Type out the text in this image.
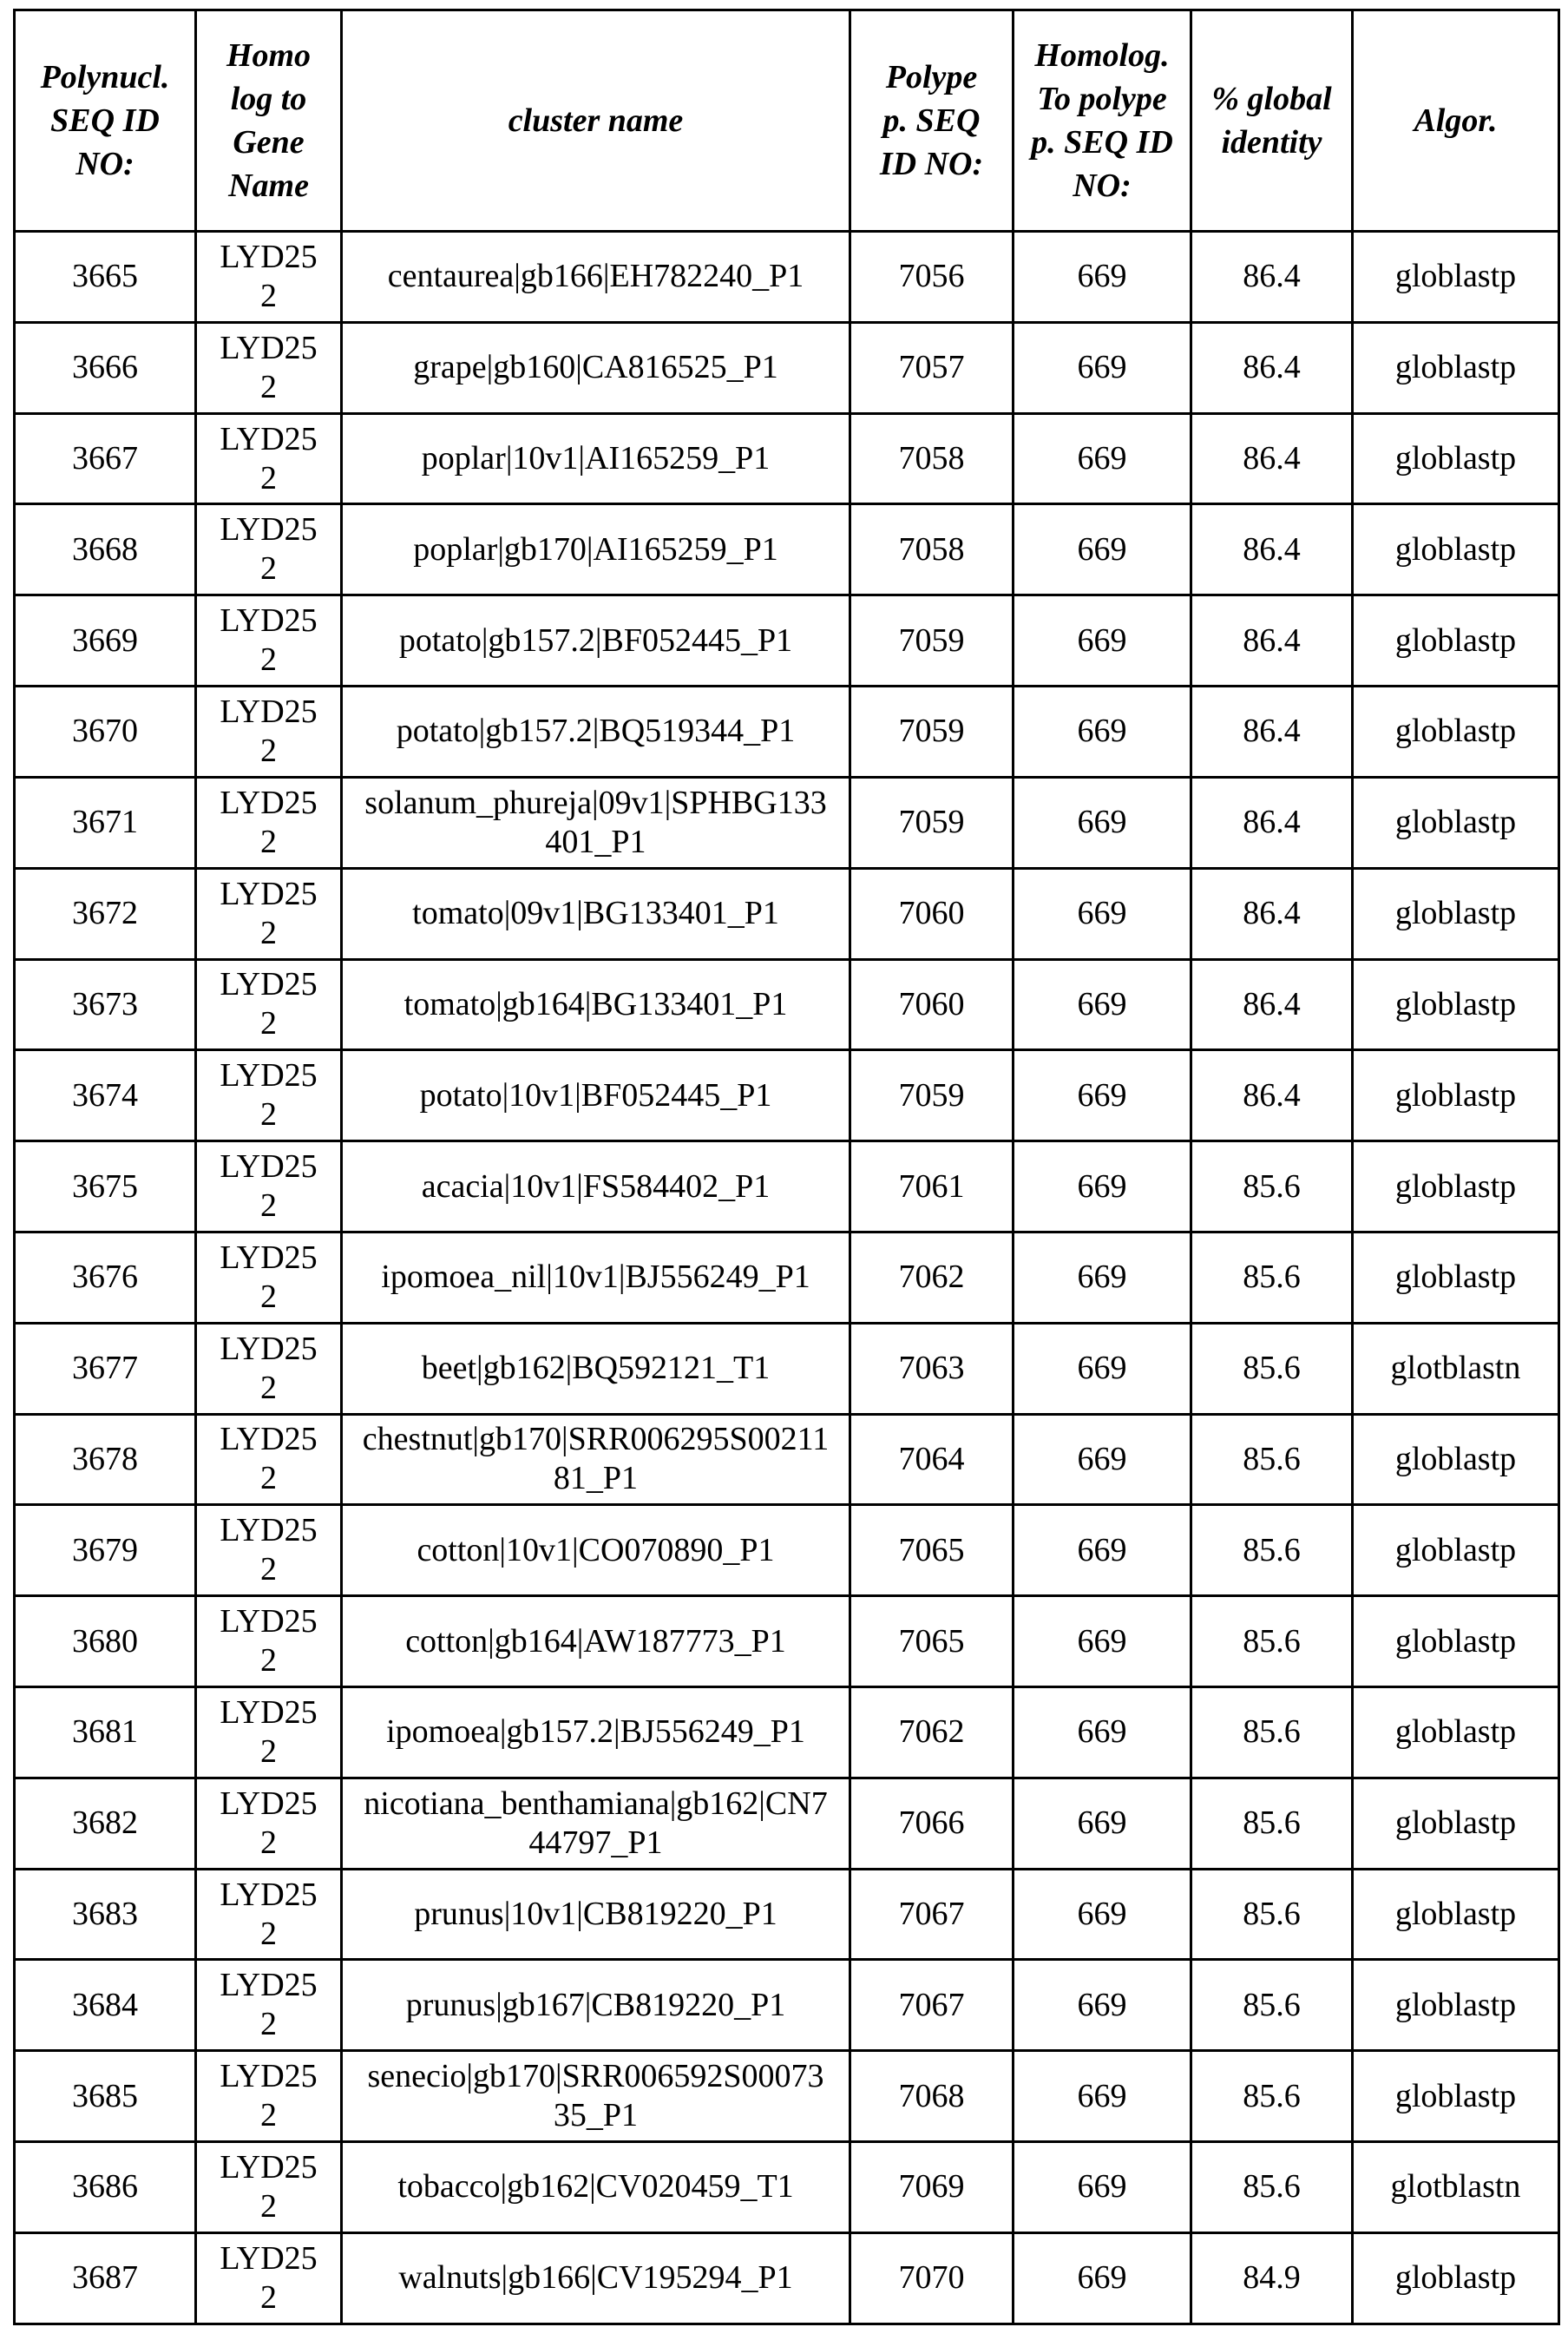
Polynucl. SEQ ID NO:	Homolog to Gene Name	cluster name	Polypep. SEQ ID NO:	Homolog. To polypep. SEQ ID NO:	% global identity	Algor.
3665	LYD252	centaurea|gb166|EH782240_P1	7056	669	86.4	globlastp
3666	LYD252	grape|gb160|CA816525_P1	7057	669	86.4	globlastp
3667	LYD252	poplar|10v1|AI165259_P1	7058	669	86.4	globlastp
3668	LYD252	poplar|gb170|AI165259_P1	7058	669	86.4	globlastp
3669	LYD252	potato|gb157.2|BF052445_P1	7059	669	86.4	globlastp
3670	LYD252	potato|gb157.2|BQ519344_P1	7059	669	86.4	globlastp
3671	LYD252	solanum_phureja|09v1|SPHBG133401_P1	7059	669	86.4	globlastp
3672	LYD252	tomato|09v1|BG133401_P1	7060	669	86.4	globlastp
3673	LYD252	tomato|gb164|BG133401_P1	7060	669	86.4	globlastp
3674	LYD252	potato|10v1|BF052445_P1	7059	669	86.4	globlastp
3675	LYD252	acacia|10v1|FS584402_P1	7061	669	85.6	globlastp
3676	LYD252	ipomoea_nil|10v1|BJ556249_P1	7062	669	85.6	globlastp
3677	LYD252	beet|gb162|BQ592121_T1	7063	669	85.6	glotblastn
3678	LYD252	chestnut|gb170|SRR006295S0021181_P1	7064	669	85.6	globlastp
3679	LYD252	cotton|10v1|CO070890_P1	7065	669	85.6	globlastp
3680	LYD252	cotton|gb164|AW187773_P1	7065	669	85.6	globlastp
3681	LYD252	ipomoea|gb157.2|BJ556249_P1	7062	669	85.6	globlastp
3682	LYD252	nicotiana_benthamiana|gb162|CN744797_P1	7066	669	85.6	globlastp
3683	LYD252	prunus|10v1|CB819220_P1	7067	669	85.6	globlastp
3684	LYD252	prunus|gb167|CB819220_P1	7067	669	85.6	globlastp
3685	LYD252	senecio|gb170|SRR006592S0007335_P1	7068	669	85.6	globlastp
3686	LYD252	tobacco|gb162|CV020459_T1	7069	669	85.6	glotblastn
3687	LYD252	walnuts|gb166|CV195294_P1	7070	669	84.9	globlastp
